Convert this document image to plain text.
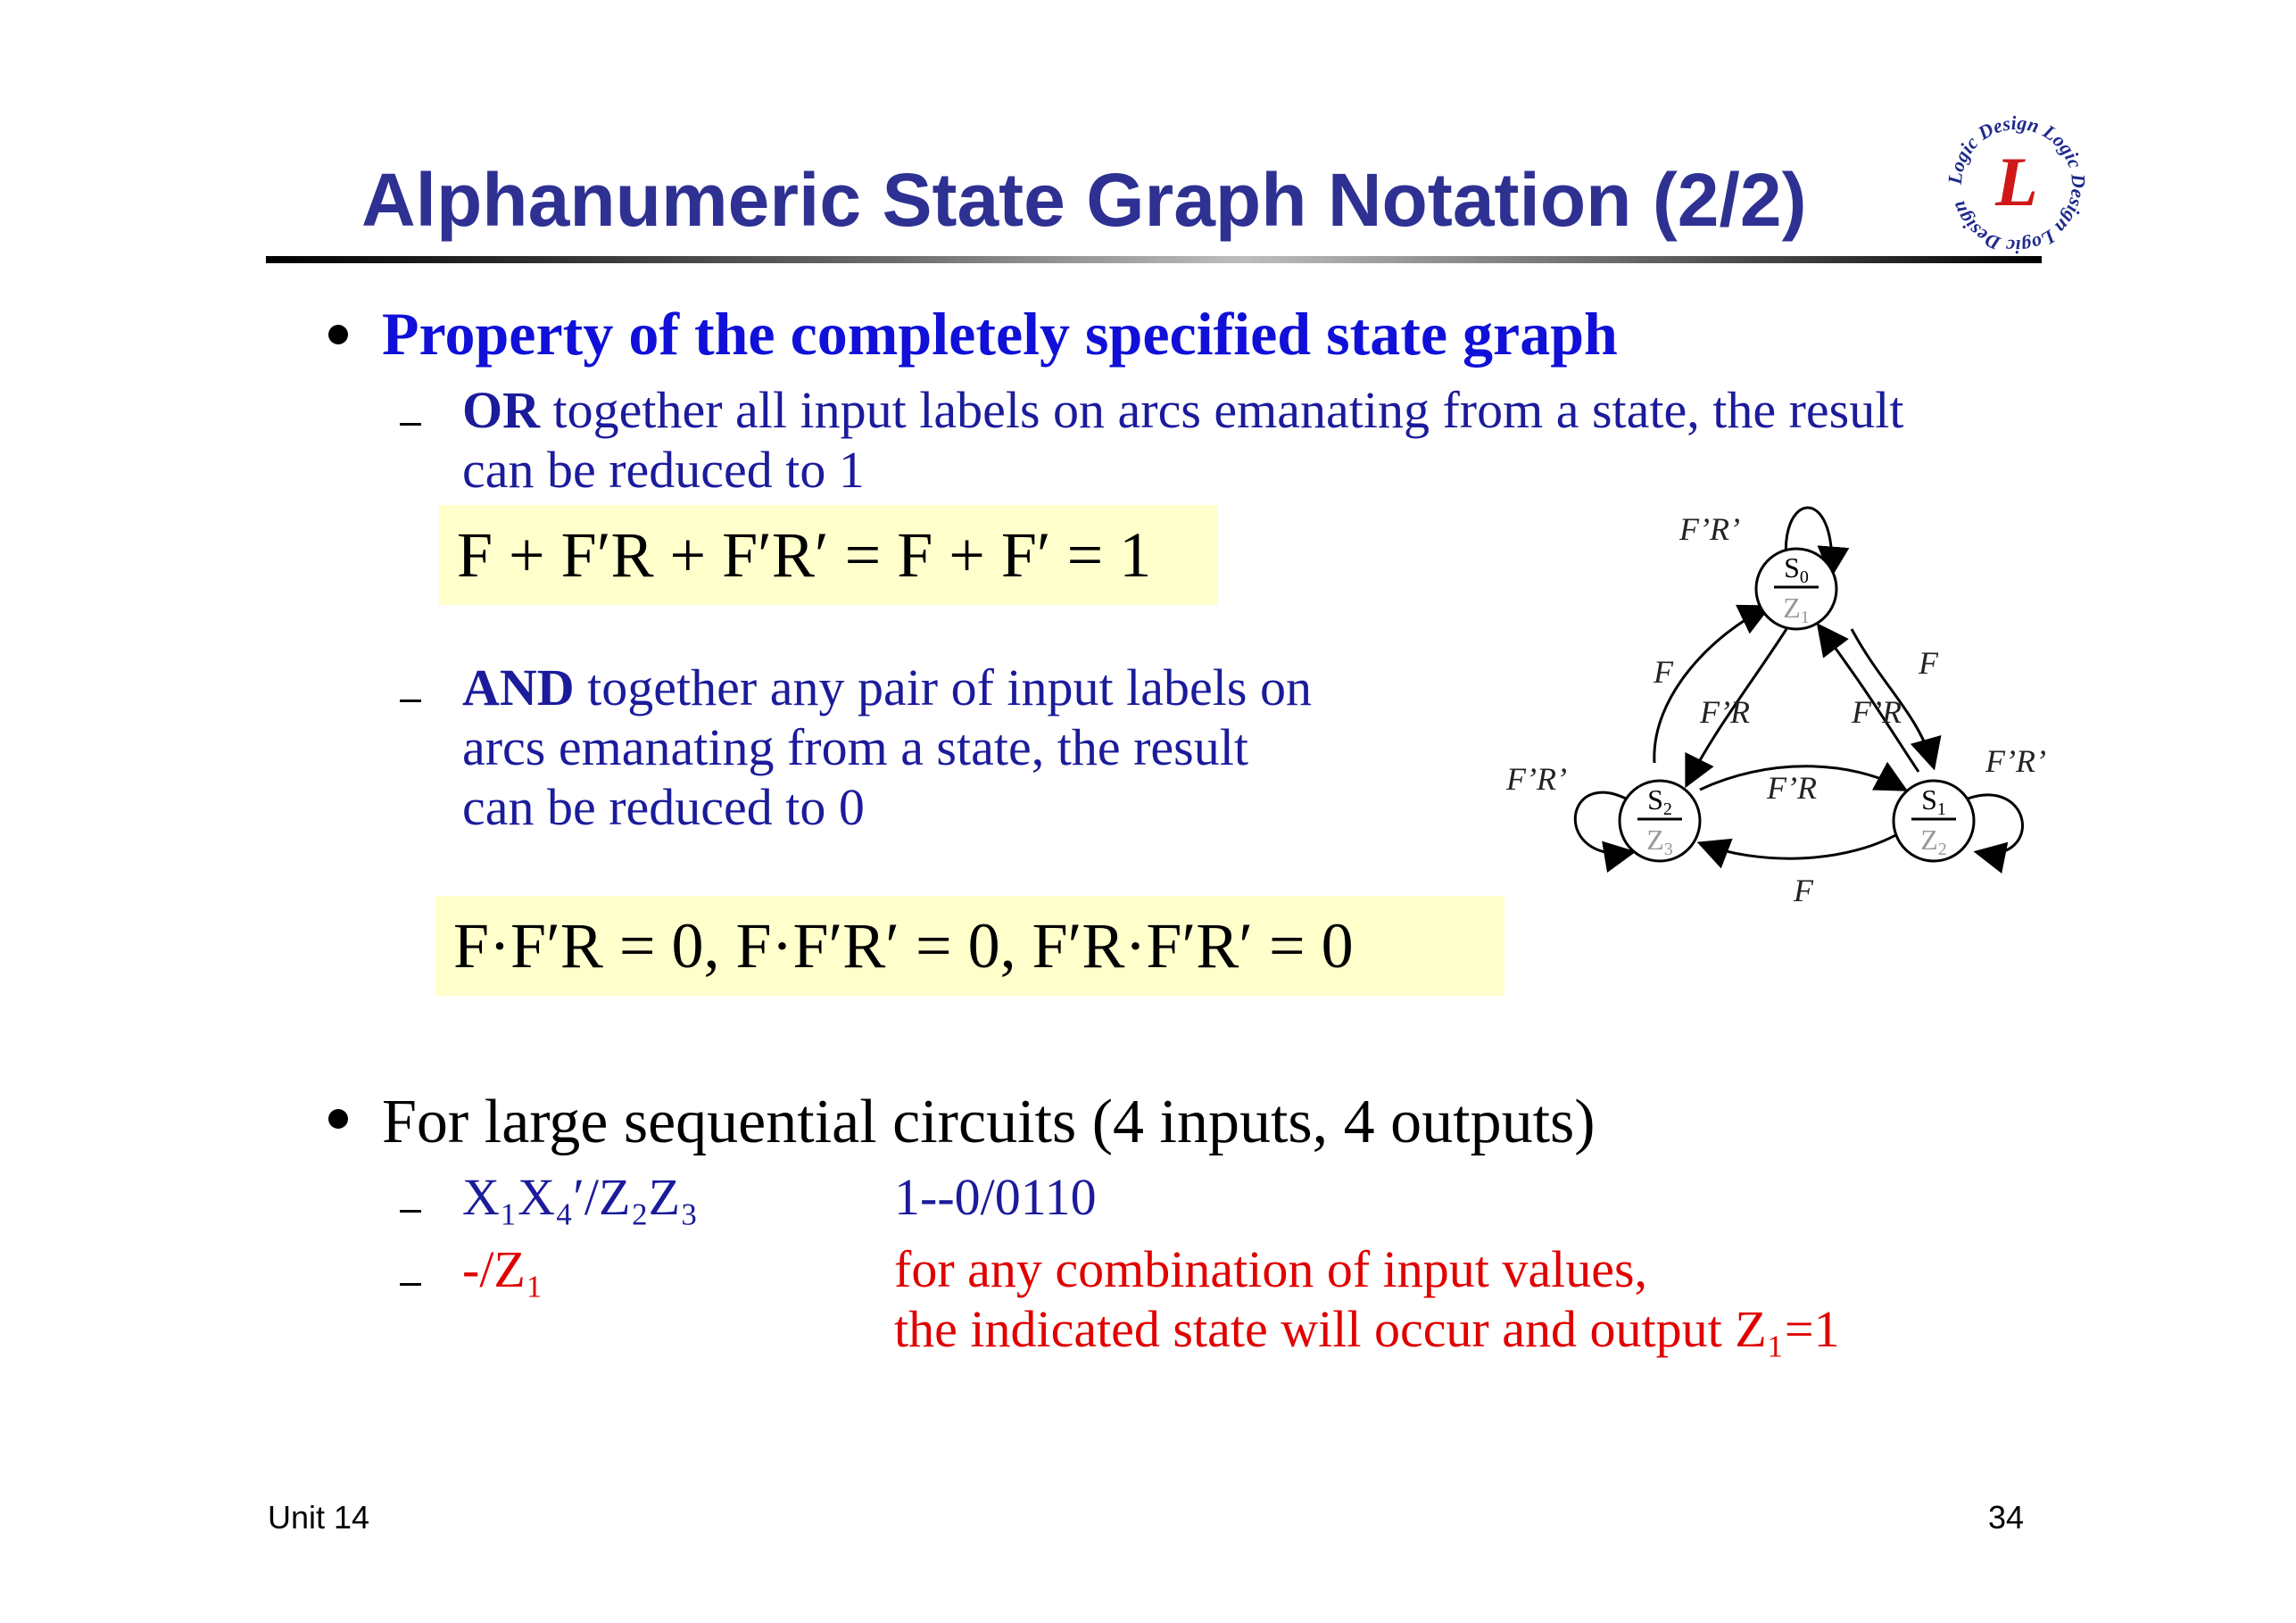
Alphanumeric State Graph Notation (2/2)	Logic Design Logic Design Logic Design L
Property of the completely specified state graph
OR together all input labels on arcs emanating from a state, the result
can be reduced to 1
F + F′R + F′R′ = F + F′ = 1
AND together any pair of input labels on
arcs emanating from a state, the result
can be reduced to 0
F·F′R = 0, F·F′R′ = 0, F′R·F′R′ = 0
S0
Z1
S1
Z2
S2
Z3
F’R’
F
F’R
F
F’R
F’R
F
F’R’
F’R’
For large sequential circuits (4 inputs, 4 outputs)
X₁X₄′/Z₂Z₃	1--0/0110
-/Z₁	for any combination of input values,
the indicated state will occur and output Z₁=1
Unit 14	34
